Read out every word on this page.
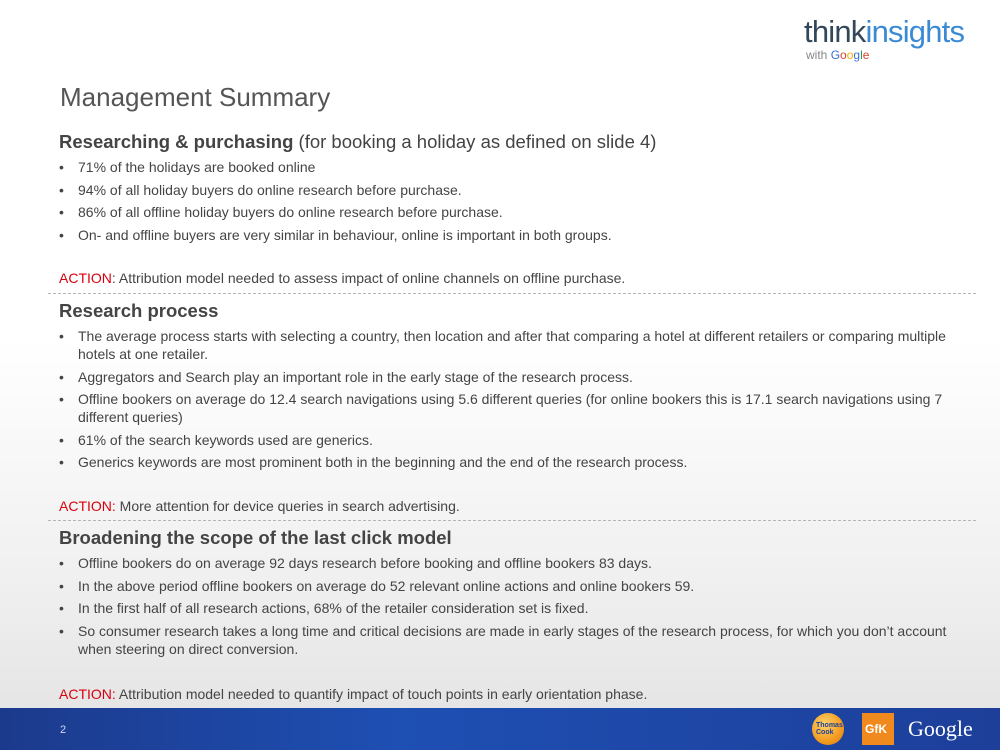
thinkinsights
with Google
Management Summary
Researching & purchasing (for booking a holiday as defined on slide 4)
• 71% of the holidays are booked online
• 94% of all holiday buyers do online research before purchase.
• 86% of all offline holiday buyers do online research before purchase.
• On- and offline buyers are very similar in behaviour, online is important in both groups.
ACTION: Attribution model needed to assess impact of online channels on offline purchase.
Research process
• The average process starts with selecting a country, then location and after that comparing a hotel at different retailers or comparing multiple hotels at one retailer.
• Aggregators and Search play an important role in the early stage of the research process.
• Offline bookers on average do 12.4 search navigations using 5.6 different queries (for online bookers this is 17.1 search navigations using 7 different queries)
• 61% of the search keywords used are generics.
• Generics keywords are most prominent both in the beginning and the end of the research process.
ACTION: More attention for device queries in search advertising.
Broadening the scope of the last click model
• Offline bookers do on average 92 days research before booking and offline bookers 83 days.
• In the above period offline bookers on average do 52 relevant online actions and online bookers 59.
• In the first half of all research actions, 68% of the retailer consideration set is fixed.
• So consumer research takes a long time and critical decisions are made in early stages of the research process, for which you don’t account when steering on direct conversion.
ACTION: Attribution model needed to quantify impact of touch points in early orientation phase.
2	Thomas Cook	GfK Google
